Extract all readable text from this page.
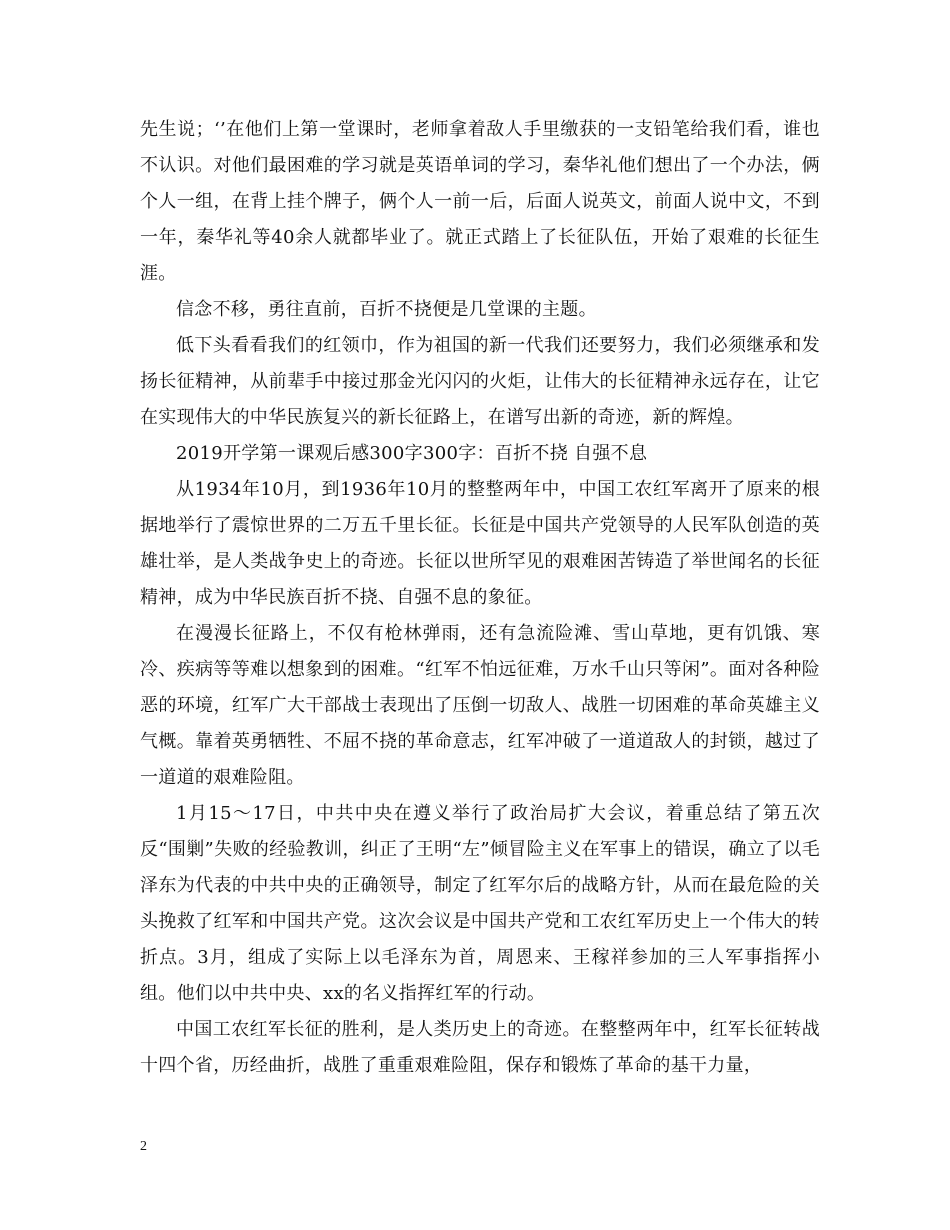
先生说；‘’在他们上第一堂课时，老师拿着敌人手里缴获的一支铅笔给我们看，谁也不认识。对他们最困难的学习就是英语单词的学习，秦华礼他们想出了一个办法，俩个人一组，在背上挂个牌子，俩个人一前一后，后面人说英文，前面人说中文，不到一年，秦华礼等40余人就都毕业了。就正式踏上了长征队伍，开始了艰难的长征生涯。

信念不移，勇往直前，百折不挠便是几堂课的主题。

低下头看看我们的红领巾，作为祖国的新一代我们还要努力，我们必须继承和发扬长征精神，从前辈手中接过那金光闪闪的火炬，让伟大的长征精神永远存在，让它在实现伟大的中华民族复兴的新长征路上，在谱写出新的奇迹，新的辉煌。

2019开学第一课观后感300字300字：百折不挠 自强不息

从1934年10月，到1936年10月的整整两年中，中国工农红军离开了原来的根据地举行了震惊世界的二万五千里长征。长征是中国共产党领导的人民军队创造的英雄壮举，是人类战争史上的奇迹。长征以世所罕见的艰难困苦铸造了举世闻名的长征精神，成为中华民族百折不挠、自强不息的象征。

在漫漫长征路上，不仅有枪林弹雨，还有急流险滩、雪山草地，更有饥饿、寒冷、疾病等等难以想象到的困难。“红军不怕远征难，万水千山只等闲”。面对各种险恶的环境，红军广大干部战士表现出了压倒一切敌人、战胜一切困难的革命英雄主义气概。靠着英勇牺牲、不屈不挠的革命意志，红军冲破了一道道敌人的封锁，越过了一道道的艰难险阻。

1月15～17日，中共中央在遵义举行了政治局扩大会议，着重总结了第五次反“围剿”失败的经验教训，纠正了王明“左”倾冒险主义在军事上的错误，确立了以毛泽东为代表的中共中央的正确领导，制定了红军尔后的战略方针，从而在最危险的关头挽救了红军和中国共产党。这次会议是中国共产党和工农红军历史上一个伟大的转折点。3月，组成了实际上以毛泽东为首，周恩来、王稼祥参加的三人军事指挥小组。他们以中共中央、xx的名义指挥红军的行动。

中国工农红军长征的胜利，是人类历史上的奇迹。在整整两年中，红军长征转战十四个省，历经曲折，战胜了重重艰难险阻，保存和锻炼了革命的基干力量，

2
